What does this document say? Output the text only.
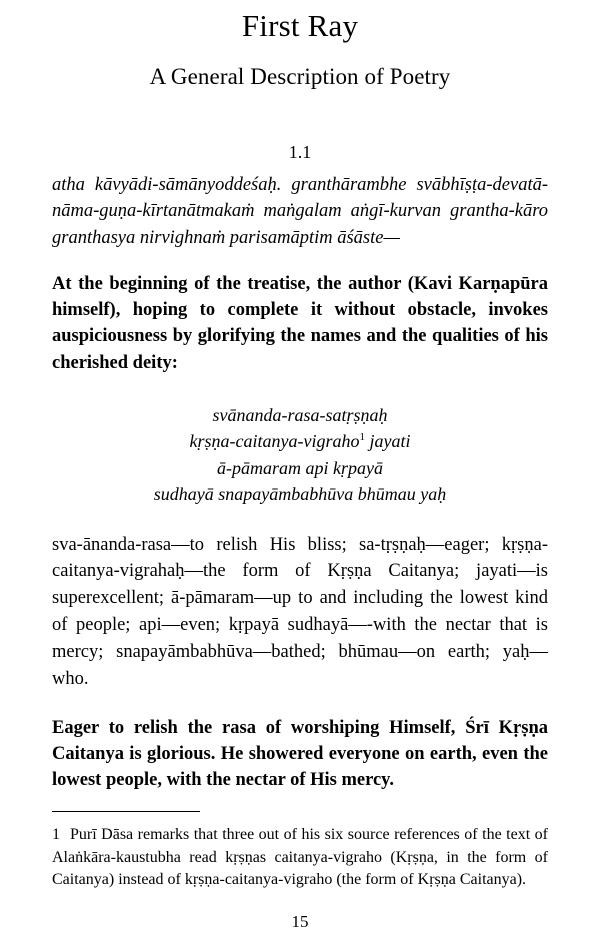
First Ray
A General Description of Poetry

1.1

atha kāvyādi-sāmānyoddeśaḥ. granthārambhe svābhīṣṭa-devatā-nāma-guṇa-kīrtanātmakaṁ maṅgalam aṅgī-kurvan grantha-kāro granthasya nirvighnaṁ parisamāptim āśāste—

At the beginning of the treatise, the author (Kavi Karṇapūra himself), hoping to complete it without obstacle, invokes auspiciousness by glorifying the names and the qualities of his cherished deity:

svānanda-rasa-satṛṣṇaḥ
kṛṣṇa-caitanya-vigraho$^1$ jayati
ā-pāmaram api kṛpayā
sudhayā snapayāmbabhūva bhūmau yaḥ

sva-ānanda-rasa—to relish His bliss; sa-tṛṣṇaḥ—eager; kṛṣṇa-caitanya-vigrahaḥ—the form of Kṛṣṇa Caitanya; jayati—is superexcellent; ā-pāmaram—up to and including the lowest kind of people; api—even; kṛpayā sudhayā—-with the nectar that is mercy; snapayāmbabhūva—bathed; bhūmau—on earth; yaḥ—who.

Eager to relish the rasa of worshiping Himself, Śrī Kṛṣṇa Caitanya is glorious. He showered everyone on earth, even the lowest people, with the nectar of His mercy.

1 Purī Dāsa remarks that three out of his six source references of the text of Alaṅkāra-kaustubha read kṛṣṇas caitanya-vigraho (Kṛṣṇa, in the form of Caitanya) instead of kṛṣṇa-caitanya-vigraho (the form of Kṛṣṇa Caitanya).

15
